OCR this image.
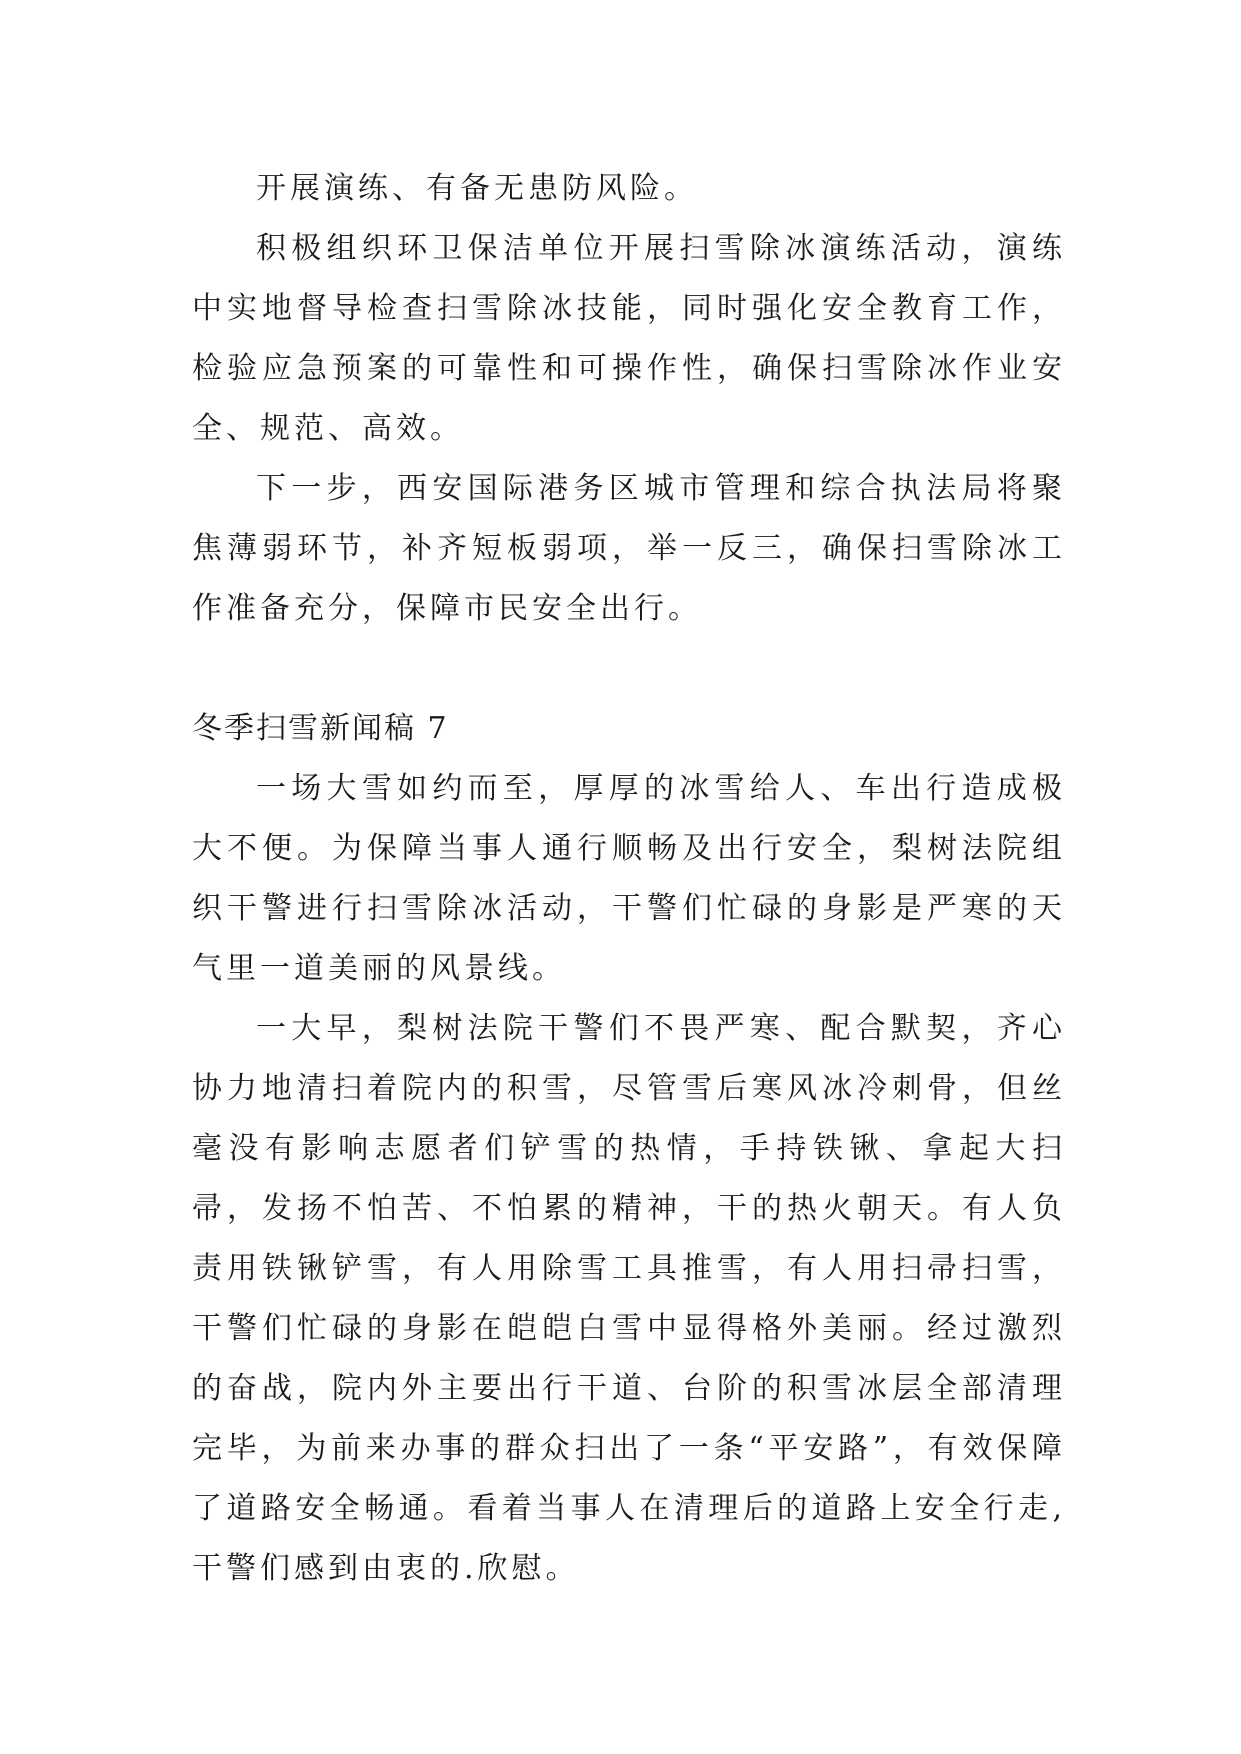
开展演练、有备无患防风险。

积极组织环卫保洁单位开展扫雪除冰演练活动，演练中实地督导检查扫雪除冰技能，同时强化安全教育工作，检验应急预案的可靠性和可操作性，确保扫雪除冰作业安全、规范、高效。

下一步，西安国际港务区城市管理和综合执法局将聚焦薄弱环节，补齐短板弱项，举一反三，确保扫雪除冰工作准备充分，保障市民安全出行。

冬季扫雪新闻稿 7

一场大雪如约而至，厚厚的冰雪给人、车出行造成极大不便。为保障当事人通行顺畅及出行安全，梨树法院组织干警进行扫雪除冰活动，干警们忙碌的身影是严寒的天气里一道美丽的风景线。

一大早，梨树法院干警们不畏严寒、配合默契，齐心协力地清扫着院内的积雪，尽管雪后寒风冰冷刺骨，但丝毫没有影响志愿者们铲雪的热情，手持铁锹、拿起大扫帚，发扬不怕苦、不怕累的精神，干的热火朝天。有人负责用铁锹铲雪，有人用除雪工具推雪，有人用扫帚扫雪，干警们忙碌的身影在皑皑白雪中显得格外美丽。经过激烈的奋战，院内外主要出行干道、台阶的积雪冰层全部清理完毕，为前来办事的群众扫出了一条“平安路”，有效保障了道路安全畅通。看着当事人在清理后的道路上安全行走,干警们感到由衷的.欣慰。
